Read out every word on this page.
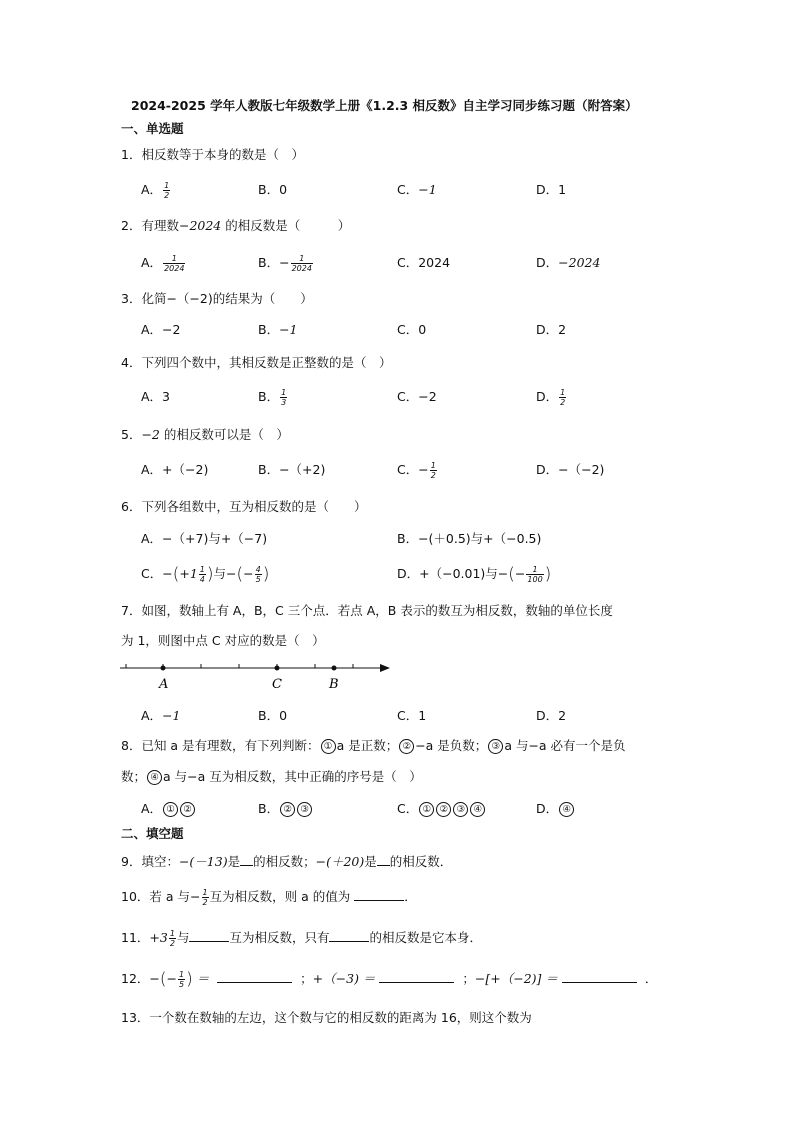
2024-2025 学年人教版七年级数学上册《1.2.3 相反数》自主学习同步练习题（附答案）
一、单选题
1．相反数等于本身的数是（　）
A． $\frac{1}{2}$	B．0	C．−1	D．1
2．有理数−2024 的相反数是（　　　）
A． $\frac{1}{2024}$	B．− $\frac{1}{2024}$	C．2024	D．−2024
3．化简−（−2)的结果为（　　）
A．−2	B．−1	C．0	D．2
4．下列四个数中，其相反数是正整数的是（　）
A．3	B． $\frac{1}{3}$	C．−2	D． $\frac{1}{2}$
5．−2 的相反数可以是（　）
A．+（−2)	B．−（+2)	C．− $\frac{1}{2}$	D．−（−2)
6．下列各组数中，互为相反数的是（　　）
A．−（+7)与+（−7)	B．−(＋0.5)与+（−0.5)
C．$-(+1 \frac{1}{4}$ )与−(− $\frac{4}{5}$ )	D．+（−0.01)与−(− $\frac{1}{100}$ )
7．如图，数轴上有 A，B，C 三个点．若点 A，B 表示的数互为相反数，数轴的单位长度
为 1，则图中点 C 对应的数是（　）
A	C	B
A．−1	B．0	C．1	D．2
8．已知 a 是有理数，有下列判断： ① a 是正数； ② −a 是负数； ③ a 与−a 必有一个是负
数； ④ a 与−a 互为相反数，其中正确的序号是（　）
A． ① ②	B． ② ③	C． ① ② ③ ④	D． ④
二、填空题
9．填空：−(－13)是 的相反数；−(＋20)是 的相反数．
10．若 a 与− $\frac{1}{2}$ 互为相反数，则 a 的值为	．
11．$+3 \frac{1}{2}$ 与	互为相反数，只有	的相反数是它本身．
12．−(− $\frac{1}{5}$ ) ＝	；+（−3) ＝	；−[+（−2)] ＝	．
13．一个数在数轴的左边，这个数与它的相反数的距离为 16，则这个数为
